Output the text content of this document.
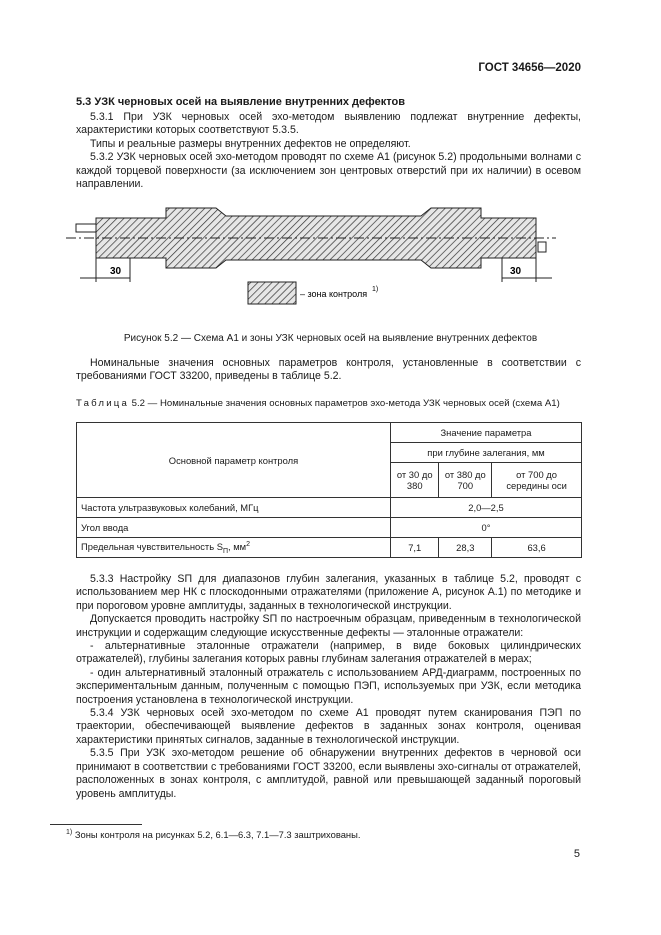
ГОСТ 34656—2020
5.3 УЗК черновых осей на выявление внутренних дефектов

5.3.1 При УЗК черновых осей эхо-методом выявлению подлежат внутренние дефекты, характеристики которых соответствуют 5.3.5.

Типы и реальные размеры внутренних дефектов не определяют.

5.3.2 УЗК черновых осей эхо-методом проводят по схеме А1 (рисунок 5.2) продольными волнами с каждой торцевой поверхности (за исключением зон центровых отверстий при их наличии) в осевом направлении.

30	30
– зона контроля 1)
Рисунок 5.2 — Схема А1 и зоны УЗК черновых осей на выявление внутренних дефектов

Номинальные значения основных параметров контроля, установленные в соответствии с требованиями ГОСТ 33200, приведены в таблице 5.2.

Таблица 5.2 — Номинальные значения основных параметров эхо-метода УЗК черновых осей (схема А1)
Основной параметр контроля	Значение параметра		
	при глубине залегания, мм		
	от 30 до 380	от 380 до 700	от 700 до середины оси
Частота ультразвуковых колебаний, МГц	2,0—2,5		
Угол ввода	0°		
Предельная чувствительность $S_П$, $мм^2$	7,1	28,3	63,6

5.3.3 Настройку SП для диапазонов глубин залегания, указанных в таблице 5.2, проводят с использованием мер НК с плоскодонными отражателями (приложение А, рисунок А.1) по методике и при пороговом уровне амплитуды, заданных в технологической инструкции.

Допускается проводить настройку SП по настроечным образцам, приведенным в технологической инструкции и содержащим следующие искусственные дефекты — эталонные отражатели:

- альтернативные эталонные отражатели (например, в виде боковых цилиндрических отражателей), глубины залегания которых равны глубинам залегания отражателей в мерах;

- один альтернативный эталонный отражатель с использованием АРД-диаграмм, построенных по экспериментальным данным, полученным с помощью ПЭП, используемых при УЗК, если методика построения установлена в технологической инструкции.

5.3.4 УЗК черновых осей эхо-методом по схеме А1 проводят путем сканирования ПЭП по траектории, обеспечивающей выявление дефектов в заданных зонах контроля, оценивая характеристики принятых сигналов, заданные в технологической инструкции.

5.3.5 При УЗК эхо-методом решение об обнаружении внутренних дефектов в черновой оси принимают в соответствии с требованиями ГОСТ 33200, если выявлены эхо-сигналы от отражателей, расположенных в зонах контроля, с амплитудой, равной или превышающей заданный пороговый уровень амплитуды.

$^{1)}$ Зоны контроля на рисунках 5.2, 6.1—6.3, 7.1—7.3 заштрихованы.
5
